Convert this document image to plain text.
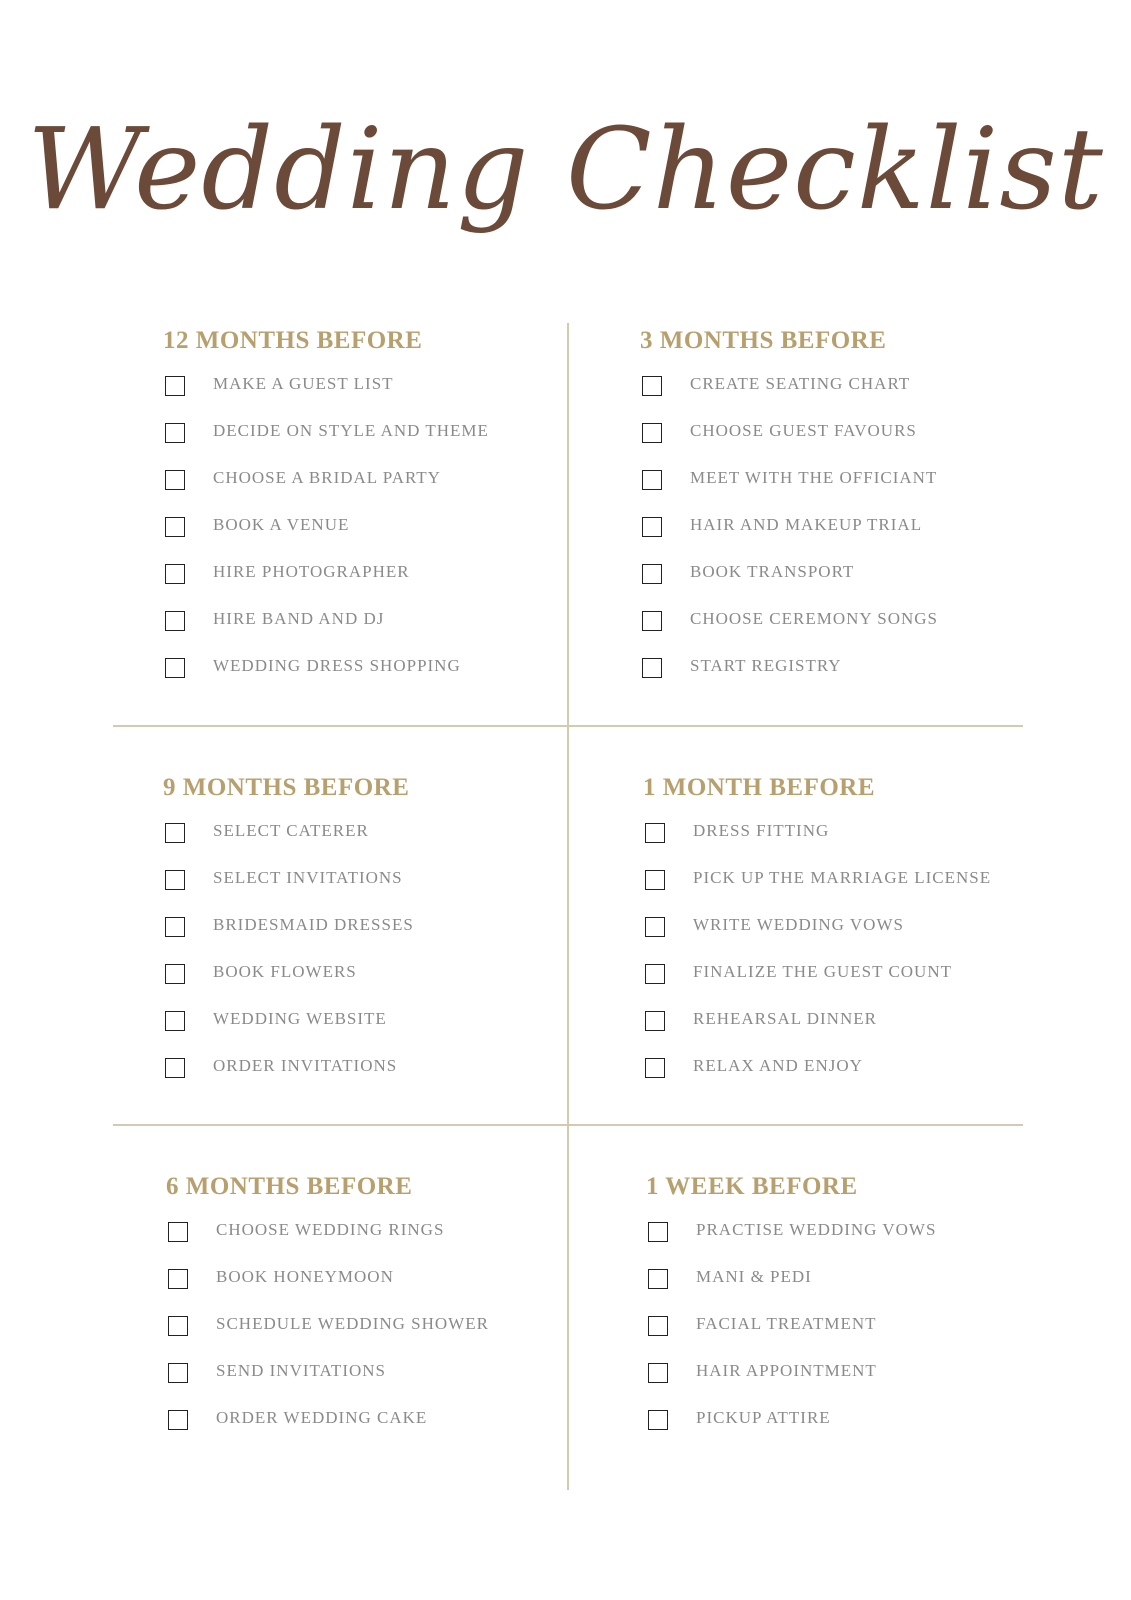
Wedding Checklist
12 MONTHS BEFORE
MAKE A GUEST LIST
DECIDE ON STYLE AND THEME
CHOOSE A BRIDAL PARTY
BOOK A VENUE
HIRE PHOTOGRAPHER
HIRE BAND AND DJ
WEDDING DRESS SHOPPING
3 MONTHS BEFORE
CREATE SEATING CHART
CHOOSE GUEST FAVOURS
MEET WITH THE OFFICIANT
HAIR AND MAKEUP TRIAL
BOOK TRANSPORT
CHOOSE CEREMONY SONGS
START REGISTRY
9 MONTHS BEFORE
SELECT CATERER
SELECT INVITATIONS
BRIDESMAID DRESSES
BOOK FLOWERS
WEDDING WEBSITE
ORDER INVITATIONS
1 MONTH BEFORE
DRESS FITTING
PICK UP THE MARRIAGE LICENSE
WRITE WEDDING VOWS
FINALIZE THE GUEST COUNT
REHEARSAL DINNER
RELAX AND ENJOY
6 MONTHS BEFORE
CHOOSE WEDDING RINGS
BOOK HONEYMOON
SCHEDULE WEDDING SHOWER
SEND INVITATIONS
ORDER WEDDING CAKE
1 WEEK BEFORE
PRACTISE WEDDING VOWS
MANI & PEDI
FACIAL TREATMENT
HAIR APPOINTMENT
PICKUP ATTIRE
